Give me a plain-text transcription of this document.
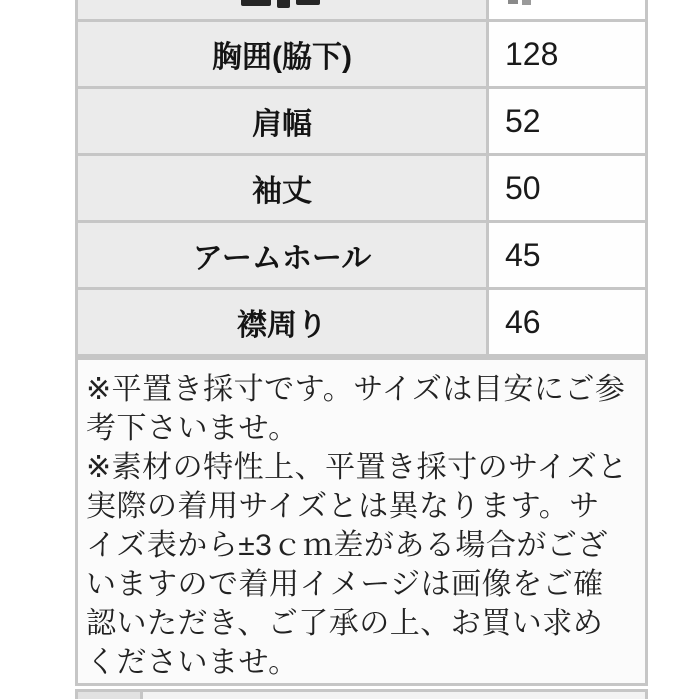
胸囲(脇下)	128
肩幅	52
袖丈	50
アームホール	45
襟周り	46
※平置き採寸です。サイズは目安にご参
考下さいませ。
※素材の特性上、平置き採寸のサイズと
実際の着用サイズとは異なります。サ
イズ表から±3ｃｍ差がある場合がござ
いますので着用イメージは画像をご確
認いただき、ご了承の上、お買い求め
くださいませ。
